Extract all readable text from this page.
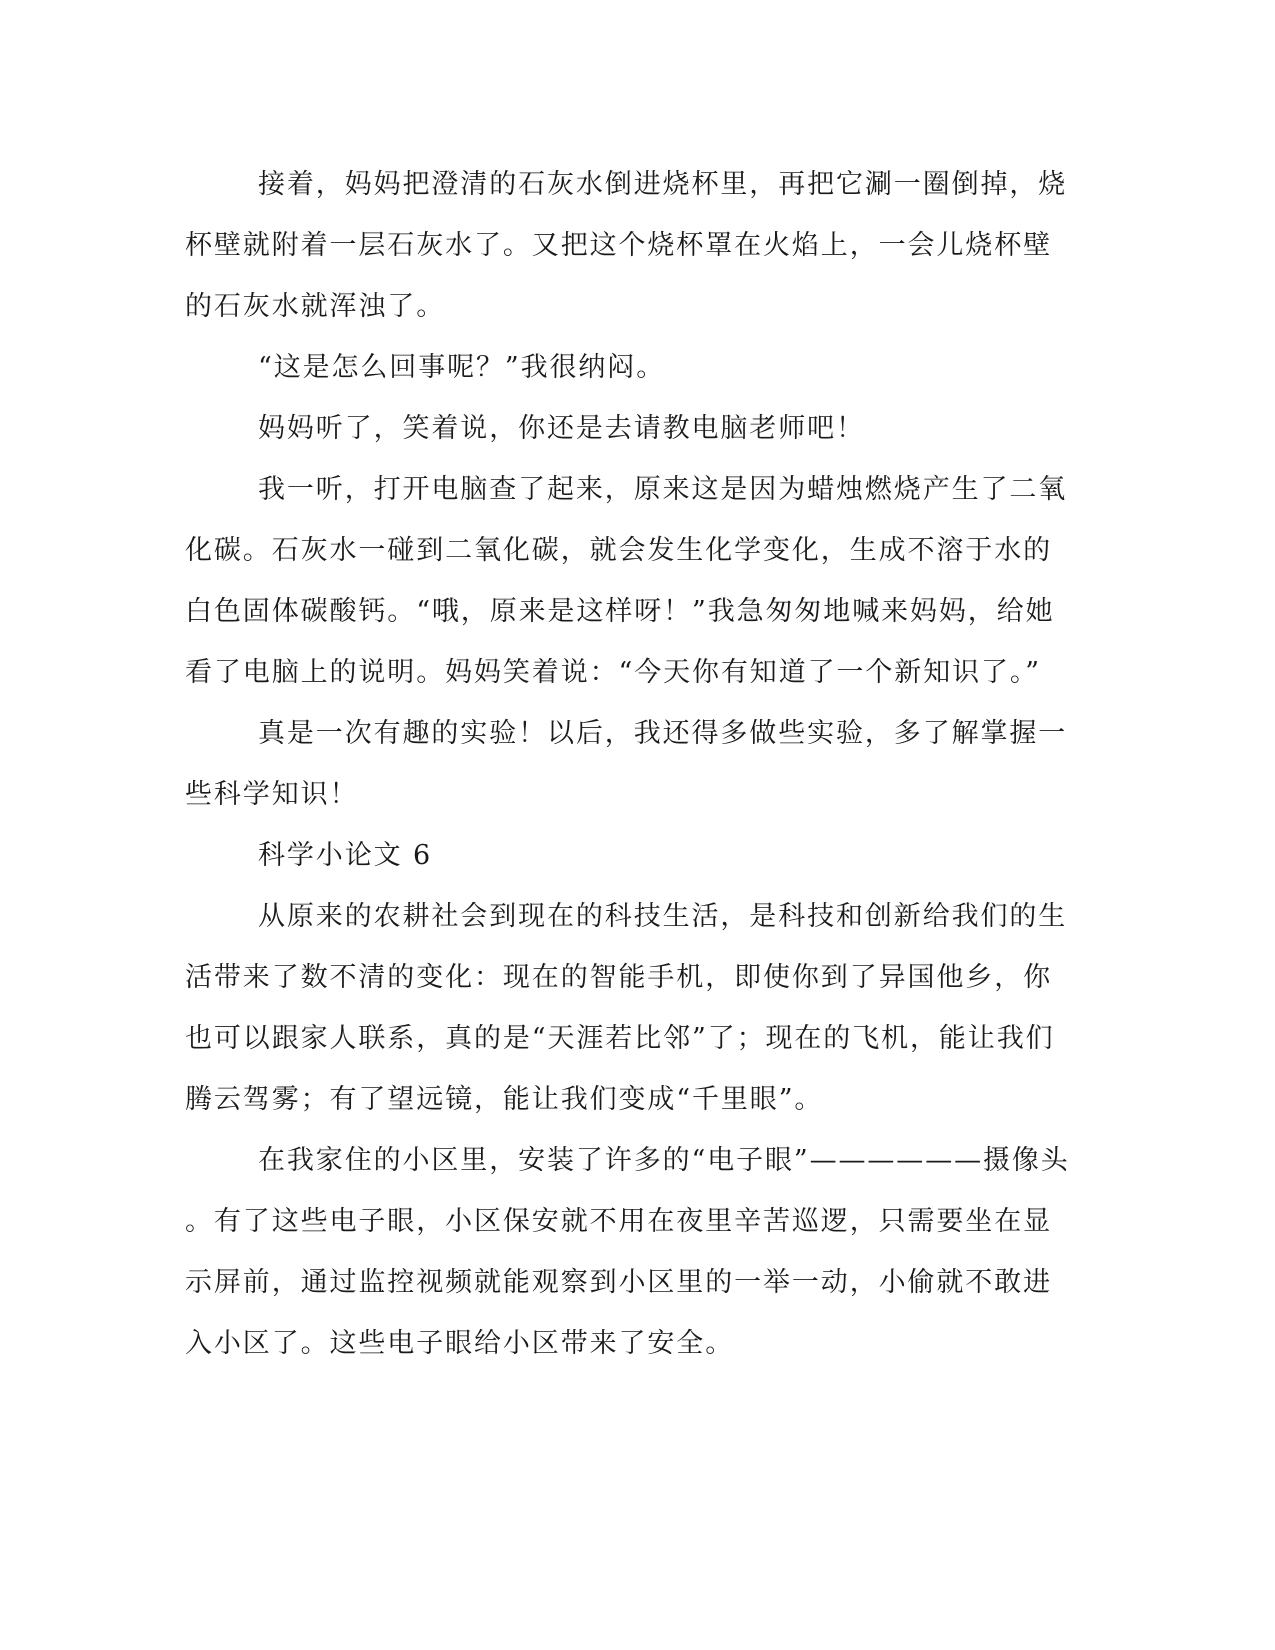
接着，妈妈把澄清的石灰水倒进烧杯里，再把它涮一圈倒掉，烧
杯壁就附着一层石灰水了。又把这个烧杯罩在火焰上，一会儿烧杯壁
的石灰水就浑浊了。
“这是怎么回事呢？”我很纳闷。
妈妈听了，笑着说，你还是去请教电脑老师吧！
我一听，打开电脑查了起来，原来这是因为蜡烛燃烧产生了二氧
化碳。石灰水一碰到二氧化碳，就会发生化学变化，生成不溶于水的
白色固体碳酸钙。“哦，原来是这样呀！”我急匆匆地喊来妈妈，给她
看了电脑上的说明。妈妈笑着说：“今天你有知道了一个新知识了。”
真是一次有趣的实验！以后，我还得多做些实验，多了解掌握一
些科学知识！
科学小论文 6
从原来的农耕社会到现在的科技生活，是科技和创新给我们的生
活带来了数不清的变化：现在的智能手机，即使你到了异国他乡，你
也可以跟家人联系，真的是“天涯若比邻”了；现在的飞机，能让我们
腾云驾雾；有了望远镜，能让我们变成“千里眼”。
在我家住的小区里，安装了许多的“电子眼”——————摄像头
。有了这些电子眼，小区保安就不用在夜里辛苦巡逻，只需要坐在显
示屏前，通过监控视频就能观察到小区里的一举一动，小偷就不敢进
入小区了。这些电子眼给小区带来了安全。
